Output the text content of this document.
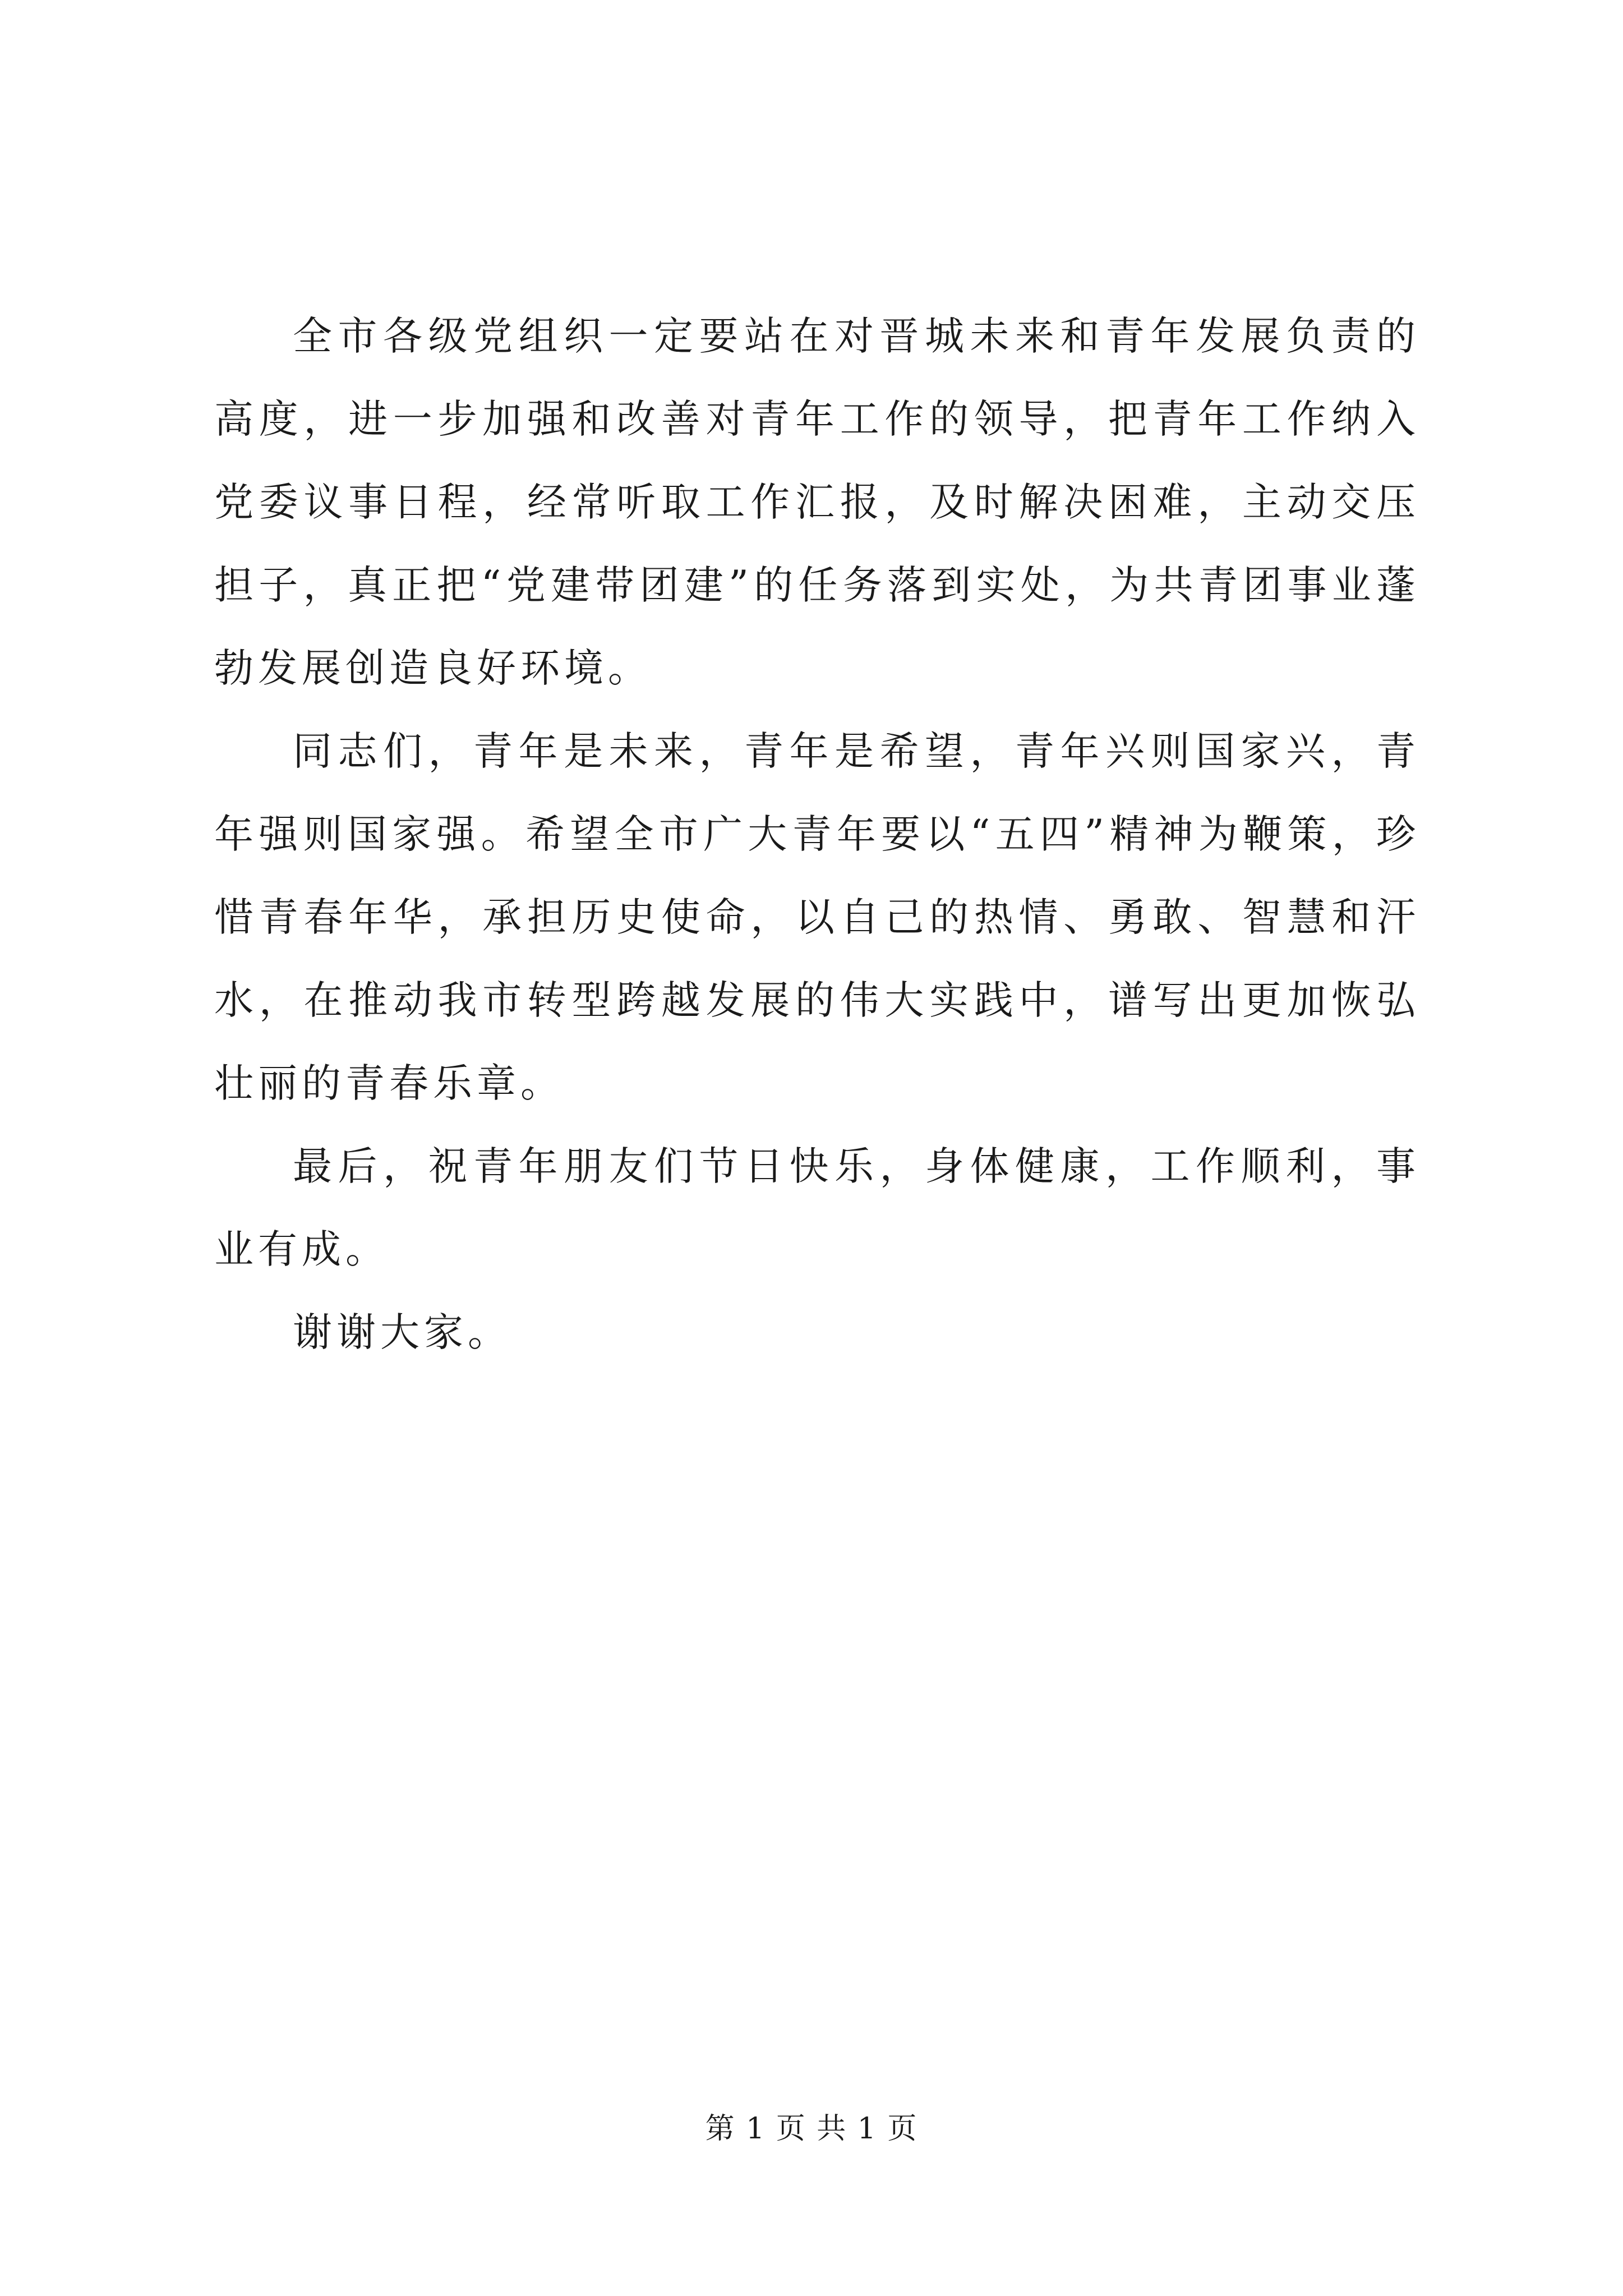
全市各级党组织一定要站在对晋城未来和青年发展负责的高度，进一步加强和改善对青年工作的领导，把青年工作纳入党委议事日程，经常听取工作汇报，及时解决困难，主动交压担子，真正把“党建带团建”的任务落到实处，为共青团事业蓬勃发展创造良好环境。

同志们，青年是未来，青年是希望，青年兴则国家兴，青年强则国家强。希望全市广大青年要以“五四”精神为鞭策，珍惜青春年华，承担历史使命，以自己的热情、勇敢、智慧和汗水，在推动我市转型跨越发展的伟大实践中，谱写出更加恢弘壮丽的青春乐章。

最后，祝青年朋友们节日快乐，身体健康，工作顺利，事业有成。

谢谢大家。

第 1 页 共 1 页
